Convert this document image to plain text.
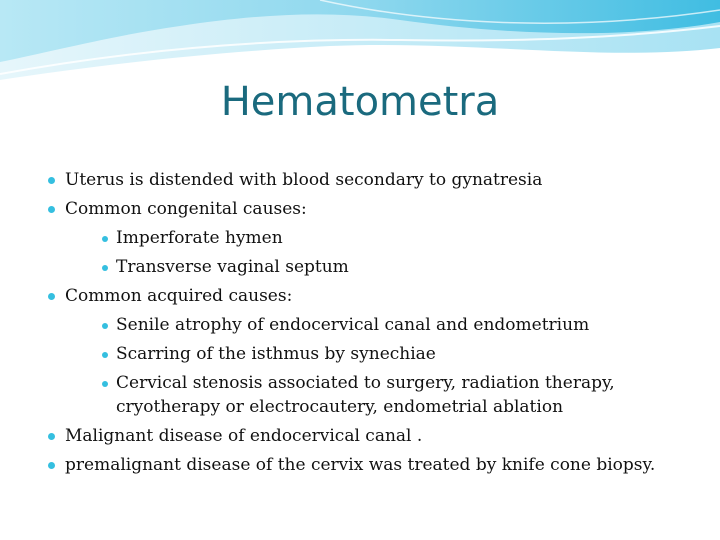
Hematometra
Uterus is distended with blood secondary to gynatresia
Common congenital causes:
Imperforate hymen
Transverse vaginal septum
Common acquired causes:
Senile atrophy of endocervical canal and endometrium
Scarring of the isthmus by synechiae
Cervical stenosis associated to surgery, radiation therapy, cryotherapy or electrocautery, endometrial ablation
Malignant disease of endocervical canal .
premalignant disease of the cervix was treated by knife cone biopsy.
